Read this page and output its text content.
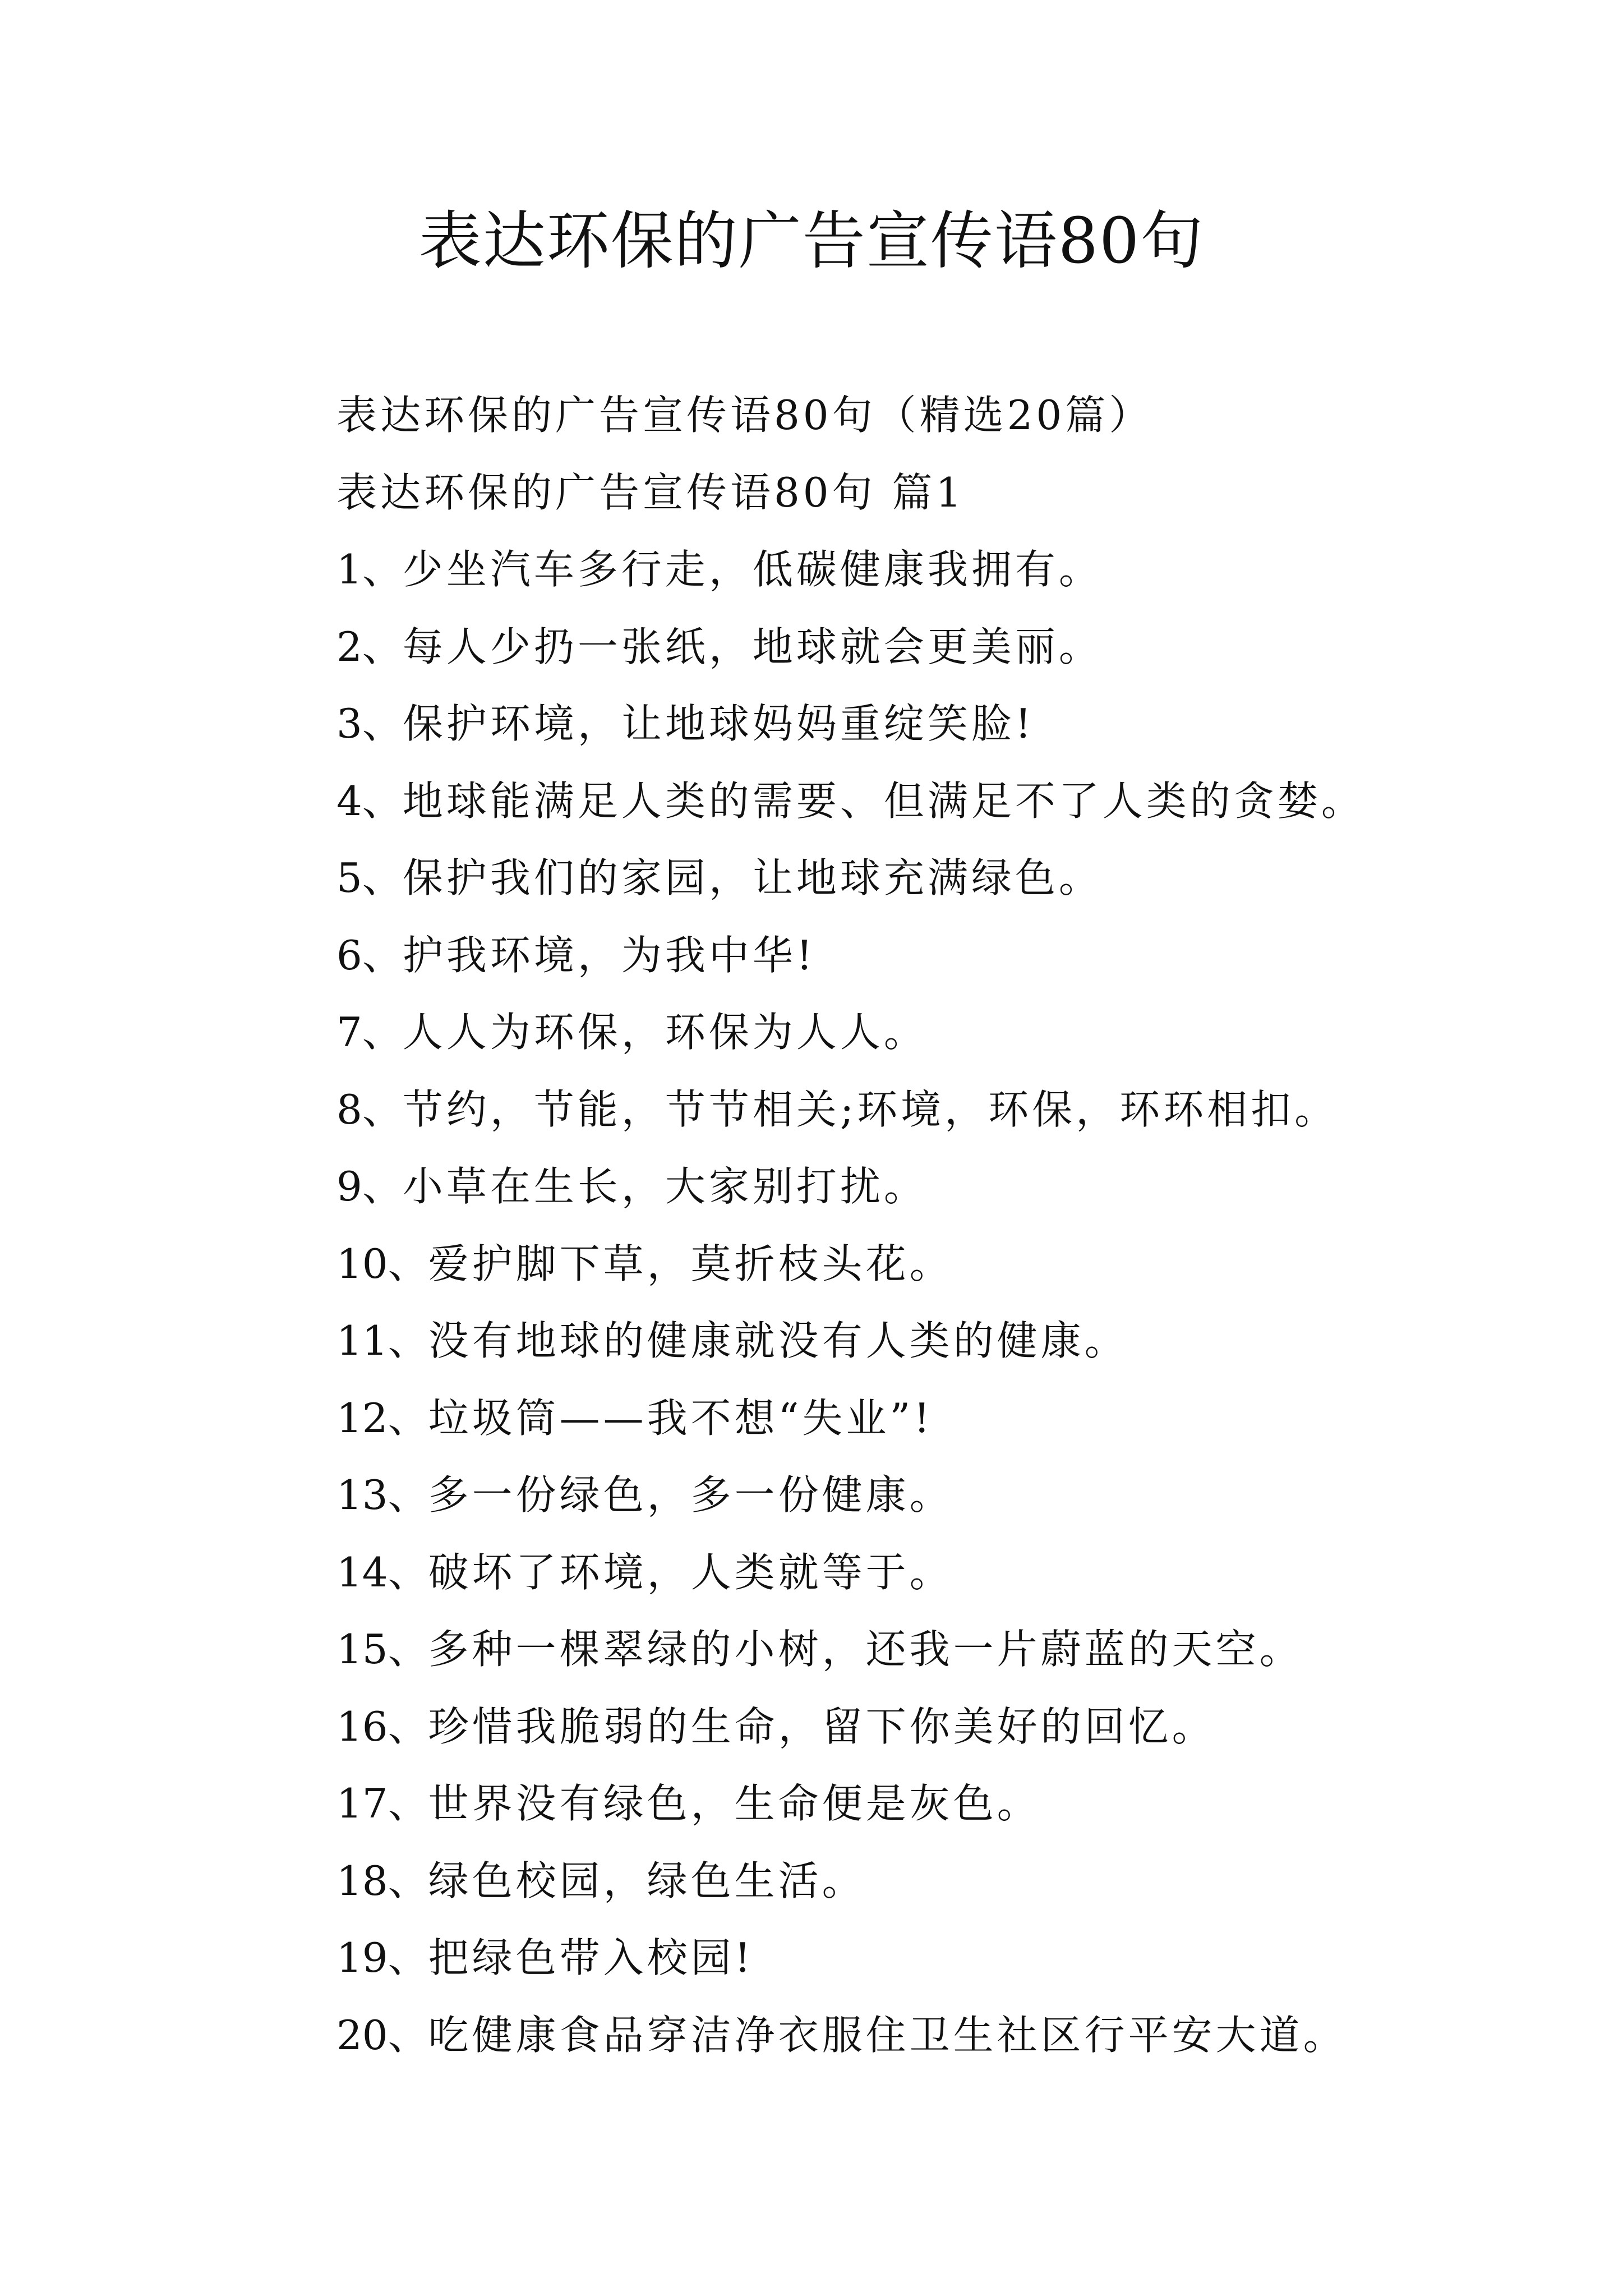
表达环保的广告宣传语80句
表达环保的广告宣传语80句（精选20篇）
表达环保的广告宣传语80句 篇1
1、少坐汽车多行走，低碳健康我拥有。
2、每人少扔一张纸，地球就会更美丽。
3、保护环境，让地球妈妈重绽笑脸!
4、地球能满足人类的需要、但满足不了人类的贪婪。
5、保护我们的家园，让地球充满绿色。
6、护我环境，为我中华!
7、人人为环保，环保为人人。
8、节约，节能，节节相关;环境，环保，环环相扣。
9、小草在生长，大家别打扰。
10、爱护脚下草，莫折枝头花。
11、没有地球的健康就没有人类的健康。
12、垃圾筒——我不想“失业”!
13、多一份绿色，多一份健康。
14、破坏了环境，人类就等于。
15、多种一棵翠绿的小树，还我一片蔚蓝的天空。
16、珍惜我脆弱的生命，留下你美好的回忆。
17、世界没有绿色，生命便是灰色。
18、绿色校园，绿色生活。
19、把绿色带入校园!
20、吃健康食品穿洁净衣服住卫生社区行平安大道。
